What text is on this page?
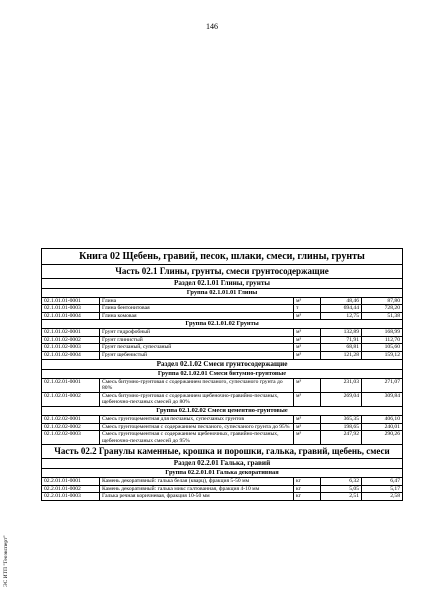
146
Книга 02 Щебень, гравий, песок, шлаки, смеси, глины, грунты				
Часть 02.1 Глины, грунты, смеси грунтосодержащие				
Раздел 02.1.01 Глины, грунты				
Группа 02.1.01.01 Глины				
02.1.01.01-0001	Глина	м³	48,46	87,80
02.1.01.01-0003	Глина бентонитовая	т	694,44	728,20
02.1.01.01-0004	Глина комовая	м³	12,75	51,38
Группа 02.1.01.02 Грунты				
02.1.01.02-0001	Грунт гидрофобный	м³	132,89	168,99
02.1.01.02-0002	Грунт глинистый	м³	71,91	112,70
02.1.01.02-0003	Грунт песчаный, супесчаный	м³	68,81	105,60
02.1.01.02-0004	Грунт щебенистый	м³	121,28	159,12
Раздел 02.1.02 Смеси грунтосодержащие				
Группа 02.1.02.01 Смеси битумно-грунтовые				
02.1.02.01-0001	Смесь битумно-грунтовая с содержанием песчаного, супесчаного грунта до 80%	м³	231,03	271,07
02.1.02.01-0002	Смесь битумно-грунтовая с содержанием щебеночно-гравийно-песчаных, щебеночно-песчаных смесей до 80%	м³	269,04	309,84
Группа 02.1.02.02 Смеси цементно-грунтовые				
02.1.02.02-0001	Смесь грунтоцементная для песчаных, супесчаных грунтов	м³	365,35	406,10
02.1.02.02-0002	Смесь грунтоцементная с содержанием песчаного, супесчаного грунта до 95%	м³	198,65	240,01
02.1.02.02-0003	Смесь грунтоцементная с содержанием щебеночных, гравийно-песчаных, щебеночно-песчаных смесей до 95%	м³	247,92	290,26
Часть 02.2 Гранулы каменные, крошка и порошки, галька, гравий, щебень, смеси				
Раздел 02.2.01 Галька, гравий				
Группа 02.2.01.01 Галька декоративная				
02.2.01.01-0001	Камень декоративный: галька белая (кварц), фракция 5-50 мм	кг	6,32	6,47
02.2.01.01-0002	Камень декоративный: галька микс галтованная, фракция 4-10 мм	кг	5,05	5,17
02.2.01.01-0003	Галька речная коричневая, фракция 10-50 мм	кг	2,51	2,58
ЭС ИТП "Геоэксперт"
